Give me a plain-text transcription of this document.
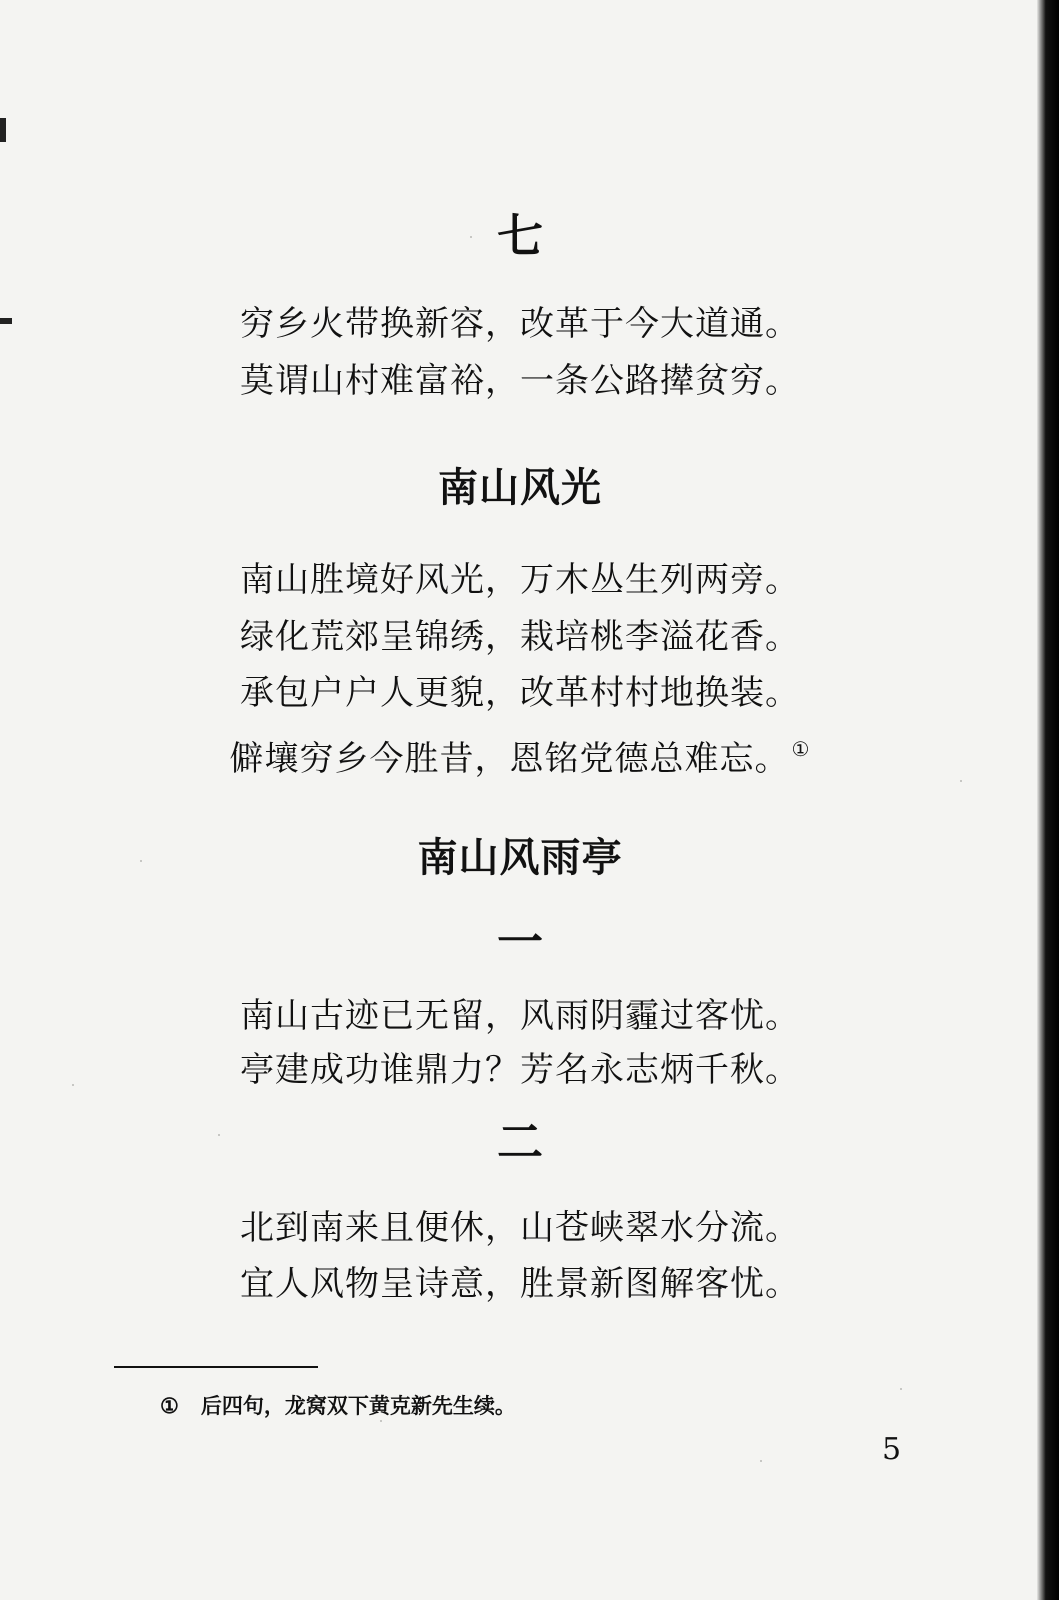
七
穷乡火带换新容，改革于今大道通。
莫谓山村难富裕，一条公路撵贫穷。
南山风光
南山胜境好风光，万木丛生列两旁。
绿化荒郊呈锦绣，栽培桃李溢花香。
承包户户人更貌，改革村村地换装。
僻壤穷乡今胜昔，恩铭党德总难忘。 ①
南山风雨亭
一
南山古迹已无留，风雨阴霾过客忧。
亭建成功谁鼎力？芳名永志炳千秋。
二
北到南来且便休，山苍峡翠水分流。
宜人风物呈诗意，胜景新图解客忧。
① 后四句，龙窝双下黄克新先生续。
5
